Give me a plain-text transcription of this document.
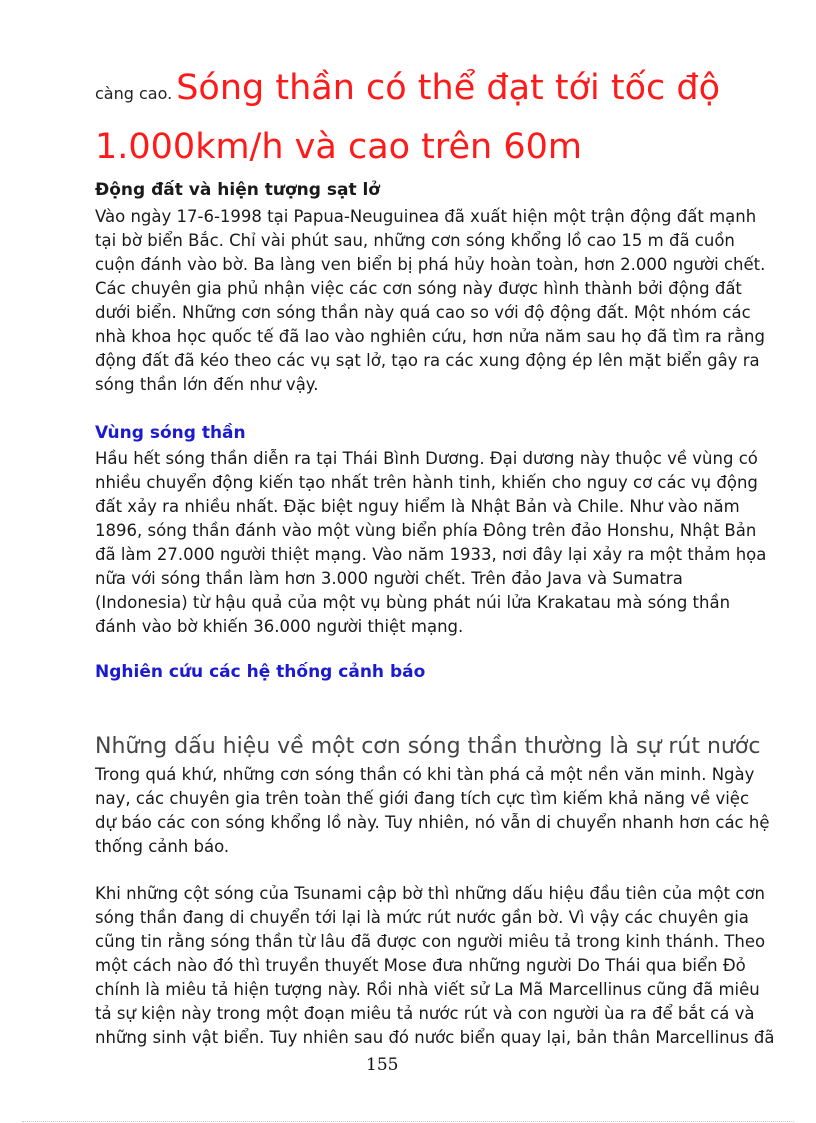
càng cao. Sóng thần có thể đạt tới tốc độ
1.000km/h và cao trên 60m
Động đất và hiện tượng sạt lở

Vào ngày 17-6-1998 tại Papua-Neuguinea đã xuất hiện một trận động đất mạnh tại bờ biển Bắc. Chỉ vài phút sau, những cơn sóng khổng lồ cao 15 m đã cuồn cuộn đánh vào bờ. Ba làng ven biển bị phá hủy hoàn toàn, hơn 2.000 người chết. Các chuyên gia phủ nhận việc các cơn sóng này được hình thành bởi động đất dưới biển. Những cơn sóng thần này quá cao so với độ động đất. Một nhóm các nhà khoa học quốc tế đã lao vào nghiên cứu, hơn nửa năm sau họ đã tìm ra rằng động đất đã kéo theo các vụ sạt lở, tạo ra các xung động ép lên mặt biển gây ra sóng thần lớn đến như vậy.

Vùng sóng thần

Hầu hết sóng thần diễn ra tại Thái Bình Dương. Đại dương này thuộc về vùng có nhiều chuyển động kiến tạo nhất trên hành tinh, khiến cho nguy cơ các vụ động đất xảy ra nhiều nhất. Đặc biệt nguy hiểm là Nhật Bản và Chile. Như vào năm 1896, sóng thần đánh vào một vùng biển phía Đông trên đảo Honshu, Nhật Bản đã làm 27.000 người thiệt mạng. Vào năm 1933, nơi đây lại xảy ra một thảm họa nữa với sóng thần làm hơn 3.000 người chết. Trên đảo Java và Sumatra (Indonesia) từ hậu quả của một vụ bùng phát núi lửa Krakatau mà sóng thần đánh vào bờ khiến 36.000 người thiệt mạng.

Nghiên cứu các hệ thống cảnh báo
Những dấu hiệu về một cơn sóng thần thường là sự rút nước

Trong quá khứ, những cơn sóng thần có khi tàn phá cả một nền văn minh. Ngày nay, các chuyên gia trên toàn thế giới đang tích cực tìm kiếm khả năng về việc dự báo các con sóng khổng lồ này. Tuy nhiên, nó vẫn di chuyển nhanh hơn các hệ thống cảnh báo.

Khi những cột sóng của Tsunami cập bờ thì những dấu hiệu đầu tiên của một cơn sóng thần đang di chuyển tới lại là mức rút nước gần bờ. Vì vậy các chuyên gia cũng tin rằng sóng thần từ lâu đã được con người miêu tả trong kinh thánh. Theo một cách nào đó thì truyền thuyết Mose đưa những người Do Thái qua biển Đỏ chính là miêu tả hiện tượng này. Rồi nhà viết sử La Mã Marcellinus cũng đã miêu tả sự kiện này trong một đoạn miêu tả nước rút và con người ùa ra để bắt cá và những sinh vật biển. Tuy nhiên sau đó nước biển quay lại, bản thân Marcellinus đã

155
